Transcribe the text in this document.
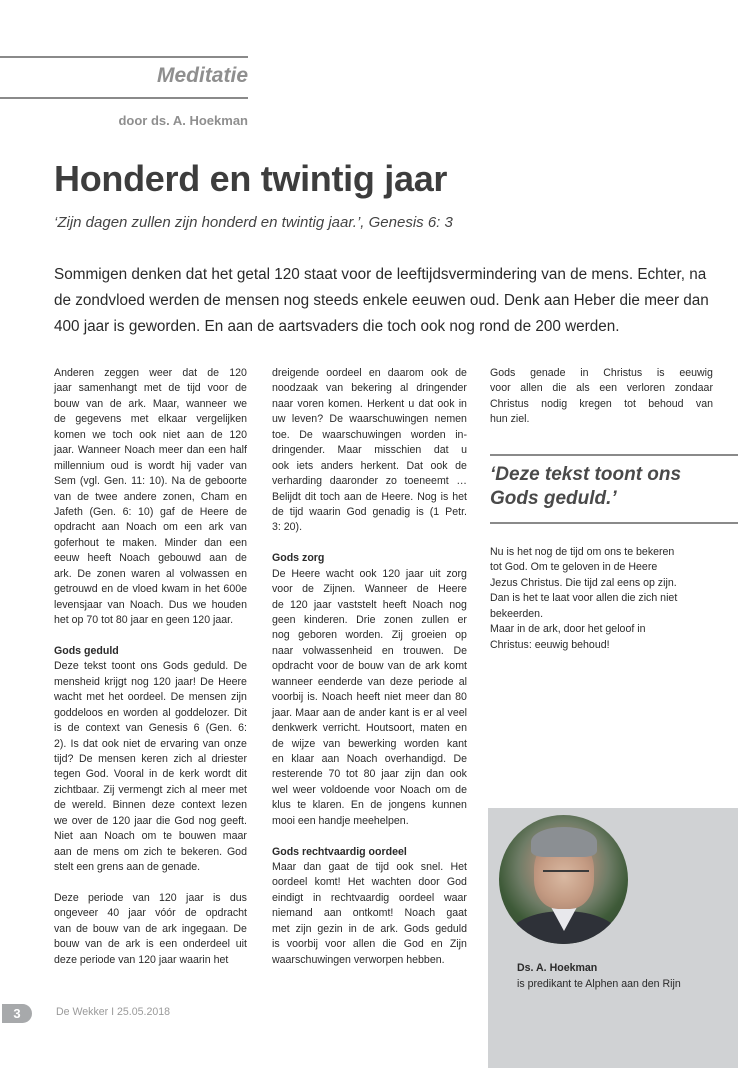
Meditatie
door ds. A. Hoekman
Honderd en twintig jaar
‘Zijn dagen zullen zijn honderd en twintig jaar.’, Genesis 6: 3
Sommigen denken dat het getal 120 staat voor de leeftijdsvermindering van de mens. Echter, na
de zondvloed werden de mensen nog steeds enkele eeuwen oud. Denk aan Heber die meer dan
400 jaar is geworden. En aan de aartsvaders die toch ook nog rond de 200 werden.
Anderen zeggen weer dat de 120
jaar samenhangt met de tijd voor de
bouw van de ark. Maar, wanneer we
de gegevens met elkaar vergelijken
komen we toch ook niet aan de 120
jaar. Wanneer Noach meer dan een half
millennium oud is wordt hij vader van
Sem (vgl. Gen. 11: 10). Na de geboorte
van de twee andere zonen, Cham en
Jafeth (Gen. 6: 10) gaf de Heere de
opdracht aan Noach om een ark van
goferhout te maken. Minder dan een
eeuw heeft Noach gebouwd aan de
ark. De zonen waren al volwassen en
getrouwd en de vloed kwam in het 600e
levensjaar van Noach. Dus we houden
het op 70 tot 80 jaar en geen 120 jaar.
Gods geduld
Deze tekst toont ons Gods geduld. De
mensheid krijgt nog 120 jaar! De Heere
wacht met het oordeel. De mensen zijn
goddeloos en worden al goddelozer. Dit
is de context van Genesis 6 (Gen. 6:
2). Is dat ook niet de ervaring van onze
tijd? De mensen keren zich al driester
tegen God. Vooral in de kerk wordt dit
zichtbaar. Zij vermengt zich al meer met
de wereld. Binnen deze context lezen
we over de 120 jaar die God nog geeft.
Niet aan Noach om te bouwen maar
aan de mens om zich te bekeren. God
stelt een grens aan de genade.
Deze periode van 120 jaar is dus
ongeveer 40 jaar vóór de opdracht
van de bouw van de ark ingegaan. De
bouw van de ark is een onderdeel uit
deze periode van 120 jaar waarin het
dreigende oordeel en daarom ook de
noodzaak van bekering al dringender
naar voren komen. Herkent u dat ook in
uw leven? De waarschuwingen nemen
toe. De waarschuwingen worden in-
dringender. Maar misschien dat u
ook iets anders herkent. Dat ook de
verharding daaronder zo toeneemt …
Belijdt dit toch aan de Heere. Nog is het
de tijd waarin God genadig is (1 Petr.
3: 20).
Gods zorg
De Heere wacht ook 120 jaar uit zorg
voor de Zijnen. Wanneer de Heere
de 120 jaar vaststelt heeft Noach nog
geen kinderen. Drie zonen zullen er
nog geboren worden. Zij groeien op
naar volwassenheid en trouwen. De
opdracht voor de bouw van de ark komt
wanneer eenderde van deze periode al
voorbij is. Noach heeft niet meer dan 80
jaar. Maar aan de ander kant is er al veel
denkwerk verricht. Houtsoort, maten en
de wijze van bewerking worden kant
en klaar aan Noach overhandigd. De
resterende 70 tot 80 jaar zijn dan ook
wel weer voldoende voor Noach om de
klus te klaren. En de jongens kunnen
mooi een handje meehelpen.
Gods rechtvaardig oordeel
Maar dan gaat de tijd ook snel. Het
oordeel komt! Het wachten door God
eindigt in rechtvaardig oordeel waar
niemand aan ontkomt! Noach gaat
met zijn gezin in de ark. Gods geduld
is voorbij voor allen die God en Zijn
waarschuwingen verworpen hebben.
Gods genade in Christus is eeuwig
voor allen die als een verloren zondaar
Christus nodig kregen tot behoud van
hun ziel.
‘Deze tekst toont ons
Gods geduld.’
Nu is het nog de tijd om ons te bekeren
tot God. Om te geloven in de Heere
Jezus Christus. Die tijd zal eens op zijn.
Dan is het te laat voor allen die zich niet
bekeerden.
Maar in de ark, door het geloof in
Christus: eeuwig behoud!
Ds. A. Hoekman
is predikant te Alphen aan den Rijn
3	De Wekker I 25.05.2018
